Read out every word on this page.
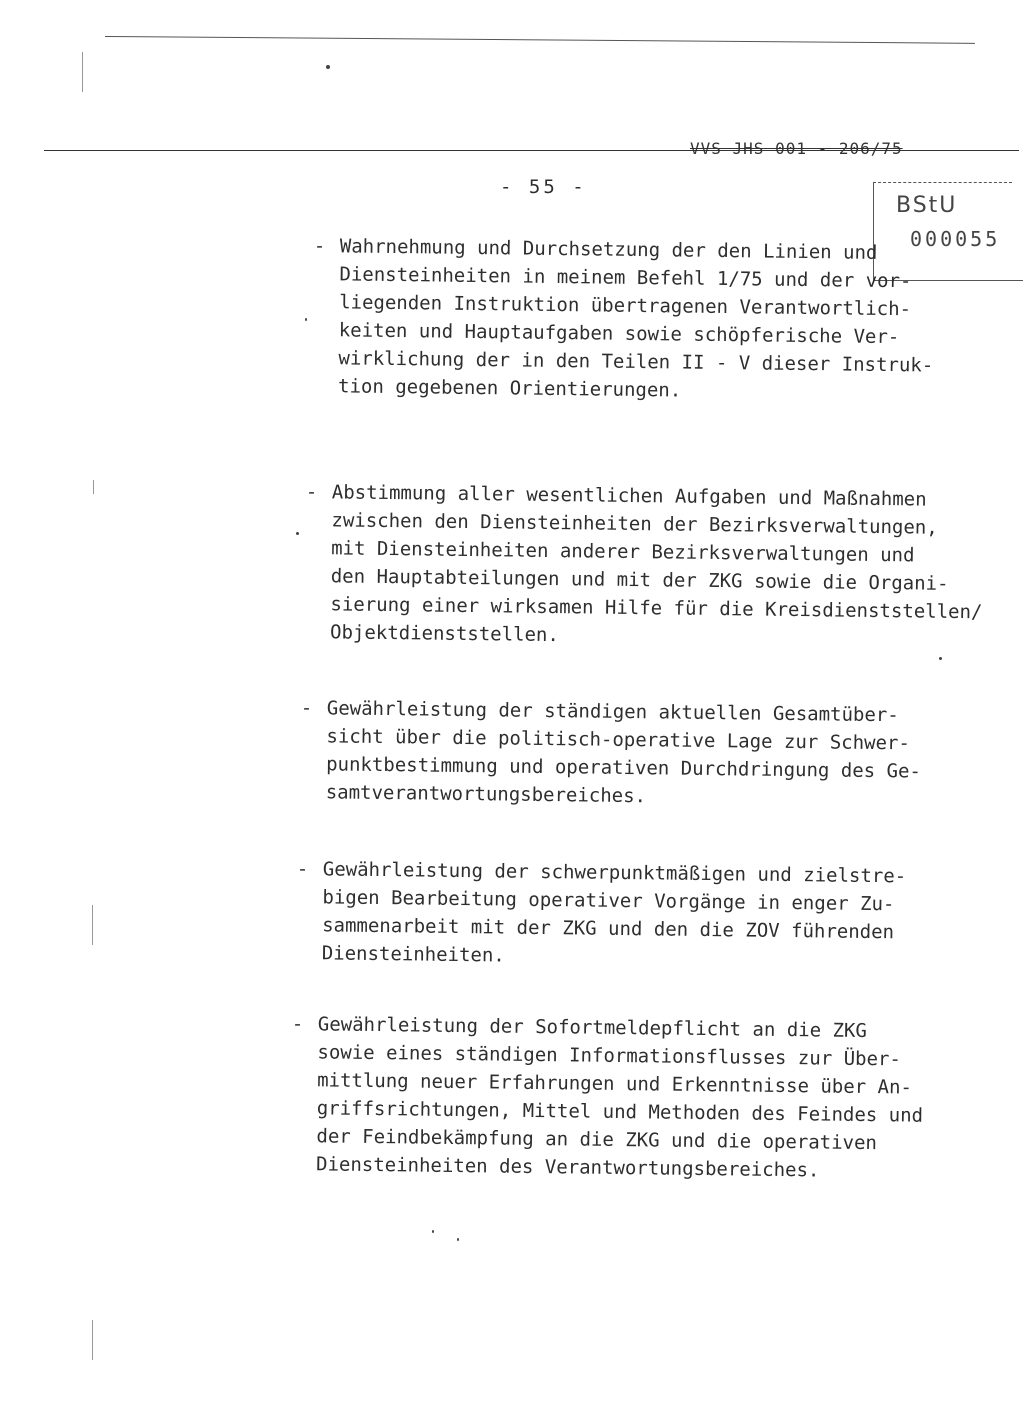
VVS JHS 001 - 206/75
- 55 -
BStU
000055
- Wahrnehmung und Durchsetzung der den Linien und
Diensteinheiten in meinem Befehl 1/75 und der vor-
liegenden Instruktion übertragenen Verantwortlich-
keiten und Hauptaufgaben sowie schöpferische Ver-
wirklichung der in den Teilen II - V dieser Instruk-
tion gegebenen Orientierungen.
- Abstimmung aller wesentlichen Aufgaben und Maßnahmen
zwischen den Diensteinheiten der Bezirksverwaltungen,
mit Diensteinheiten anderer Bezirksverwaltungen und
den Hauptabteilungen und mit der ZKG sowie die Organi-
sierung einer wirksamen Hilfe für die Kreisdienststellen/
Objektdienststellen.
- Gewährleistung der ständigen aktuellen Gesamtüber-
sicht über die politisch-operative Lage zur Schwer-
punktbestimmung und operativen Durchdringung des Ge-
samtverantwortungsbereiches.
- Gewährleistung der schwerpunktmäßigen und zielstre-
bigen Bearbeitung operativer Vorgänge in enger Zu-
sammenarbeit mit der ZKG und den die ZOV führenden
Diensteinheiten.
- Gewährleistung der Sofortmeldepflicht an die ZKG
sowie eines ständigen Informationsflusses zur Über-
mittlung neuer Erfahrungen und Erkenntnisse über An-
griffsrichtungen, Mittel und Methoden des Feindes und
der Feindbekämpfung an die ZKG und die operativen
Diensteinheiten des Verantwortungsbereiches.
